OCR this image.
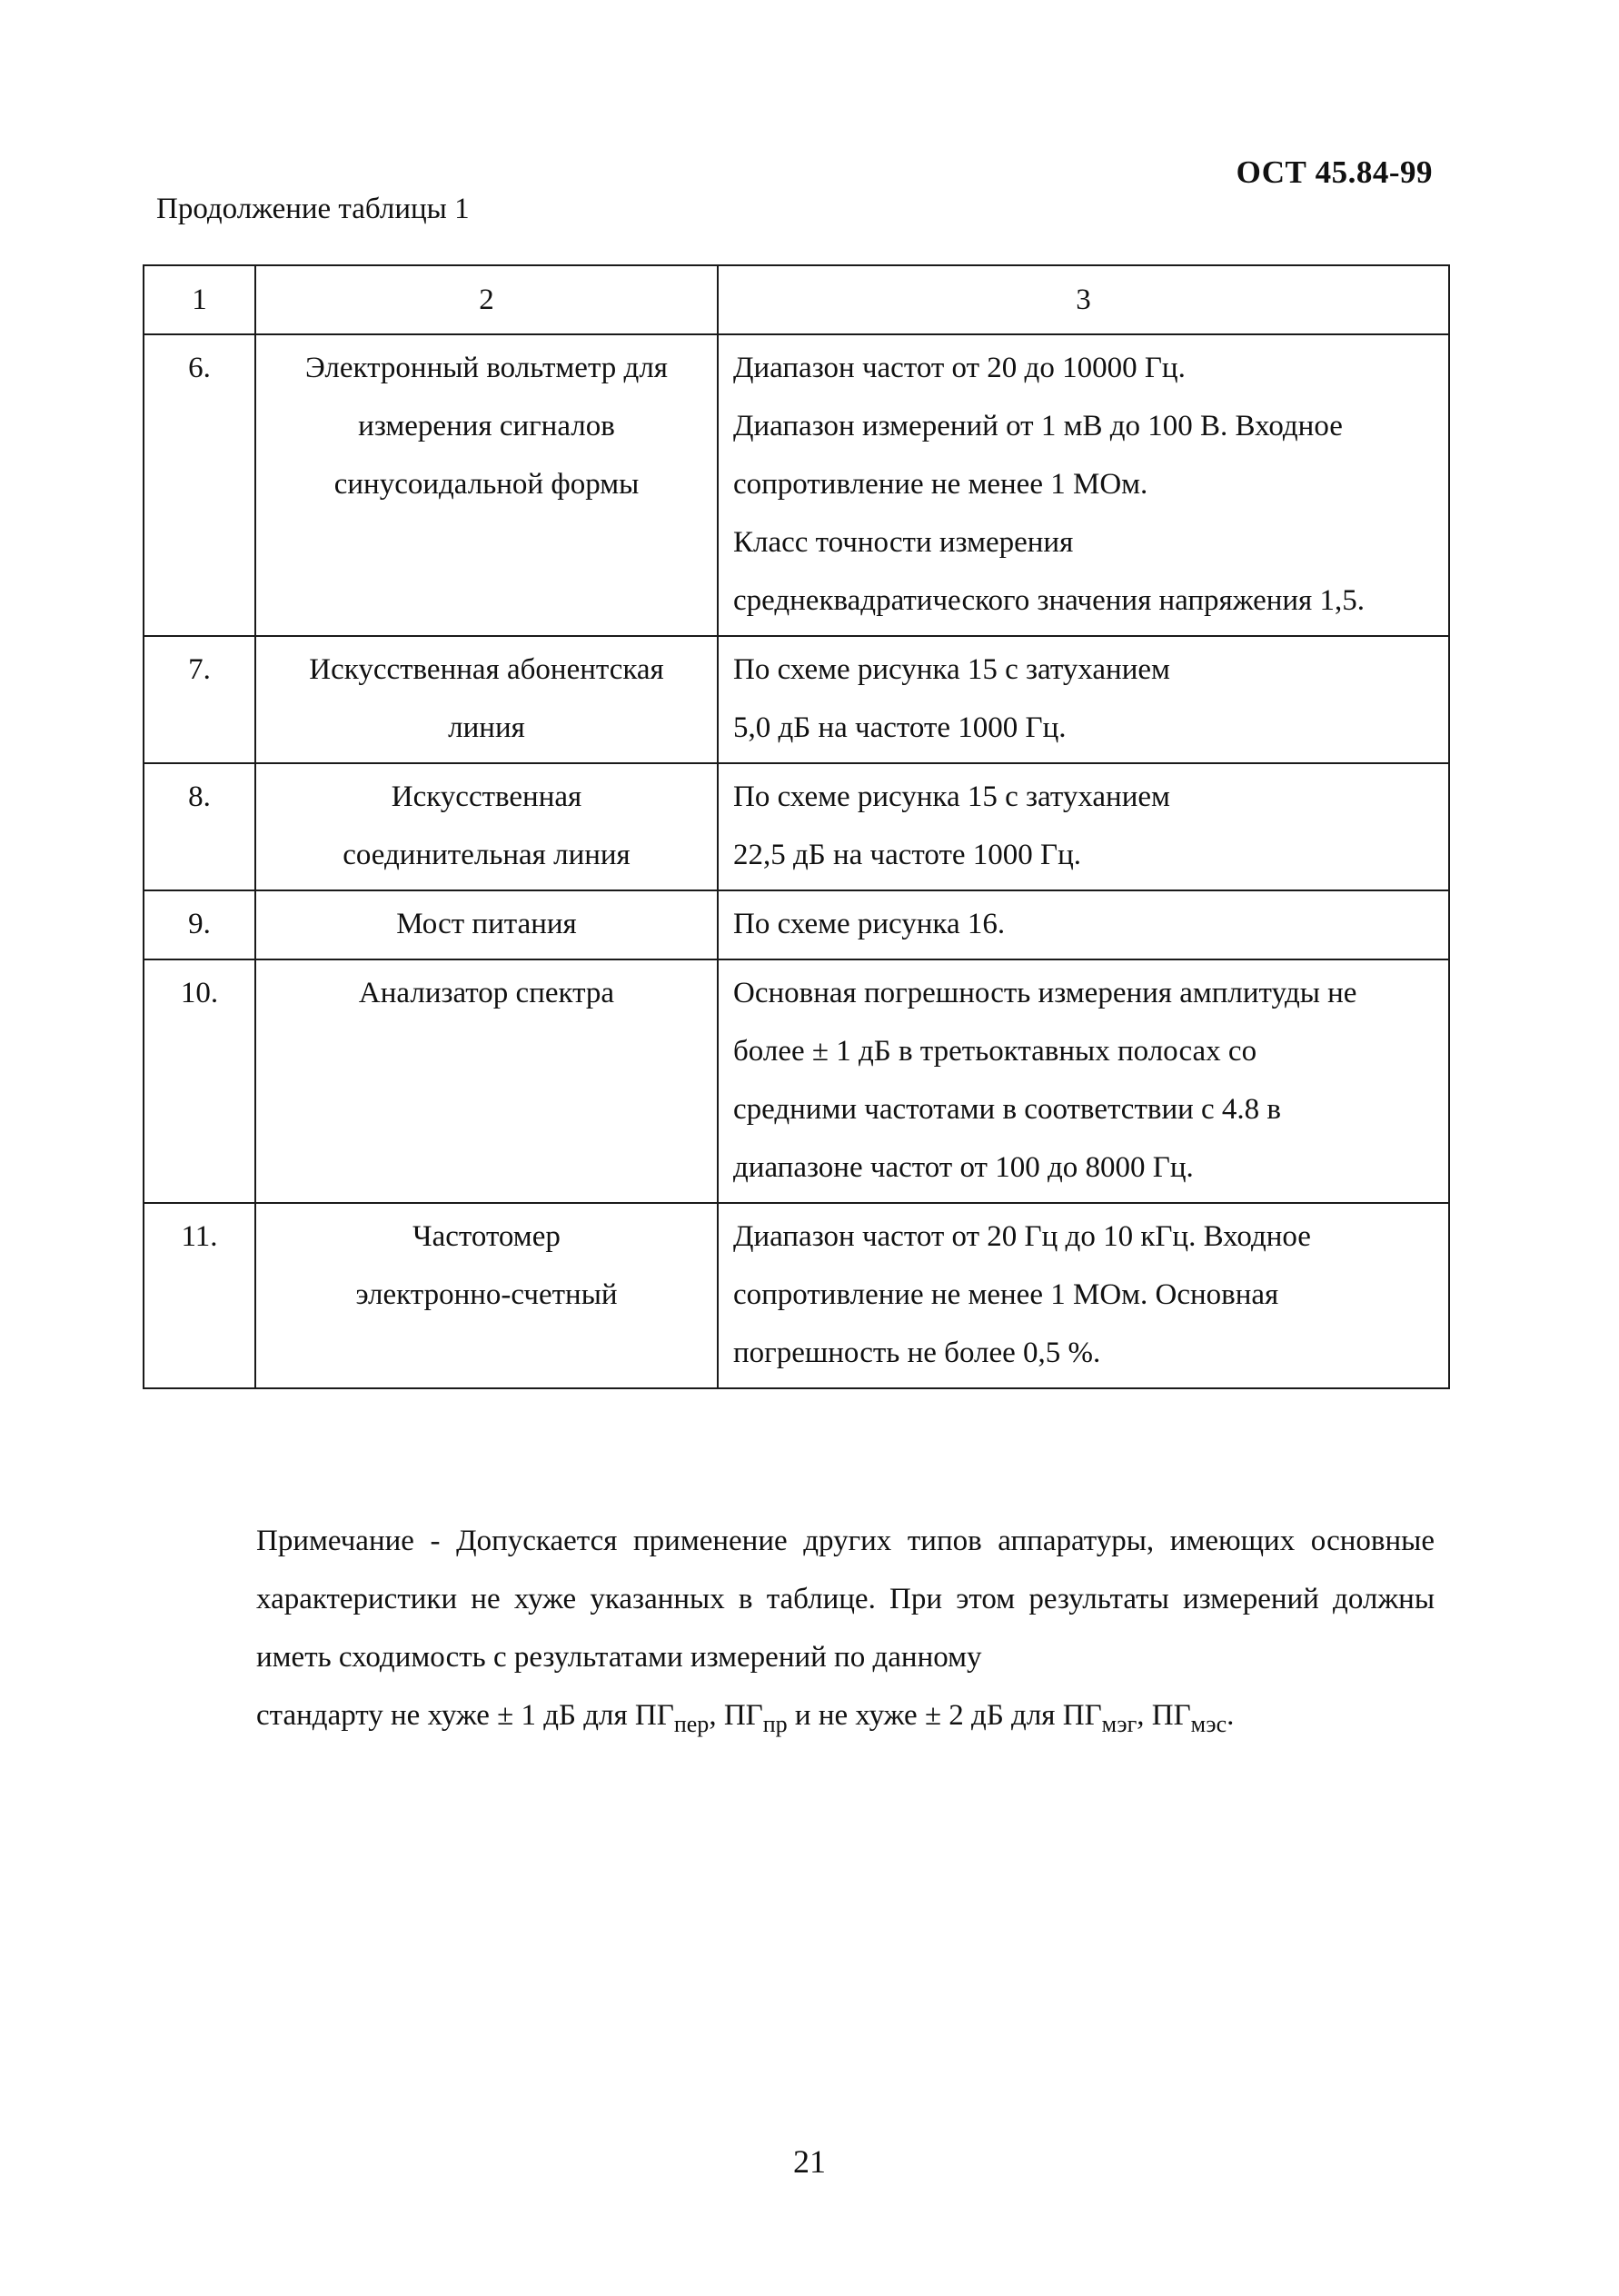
ОСТ 45.84-99
Продолжение таблицы 1
1	2	3
6.	Электронный вольтметр для
измерения сигналов
синусоидальной формы	Диапазон частот от 20 до 10000 Гц.
Диапазон измерений от 1 мВ до 100 В. Входное
сопротивление не менее 1 МОм.
Класс точности измерения
среднеквадратического значения напряжения 1,5.

7.	Искусственная абонентская
линия	По схеме рисунка 15 с затуханием
5,0 дБ на частоте 1000 Гц.

8.	Искусственная
соединительная линия	По схеме рисунка 15 с затуханием
22,5 дБ на частоте 1000 Гц.

9.	Мост питания	По схеме рисунка 16.

10.	Анализатор спектра	Основная погрешность измерения амплитуды не
более ± 1 дБ в третьоктавных полосах со
средними частотами в соответствии с 4.8 в
диапазоне частот от 100 до 8000 Гц.

11.	Частотомер
электронно-счетный	Диапазон частот от 20 Гц до 10 кГц. Входное
сопротивление не менее 1 МОм. Основная
погрешность не более 0,5 %.
Примечание - Допускается применение других типов аппаратуры, имеющих основные характеристики не хуже указанных в таблице. При этом результаты измерений должны иметь сходимость с результатами измерений по данному
стандарту не хуже ± 1 дБ для $ПГ_{пер}$, $ПГ_{пр}$ и не хуже ± 2 дБ для $ПГ_{мэг}$, $ПГ_{мэс}$.
21
